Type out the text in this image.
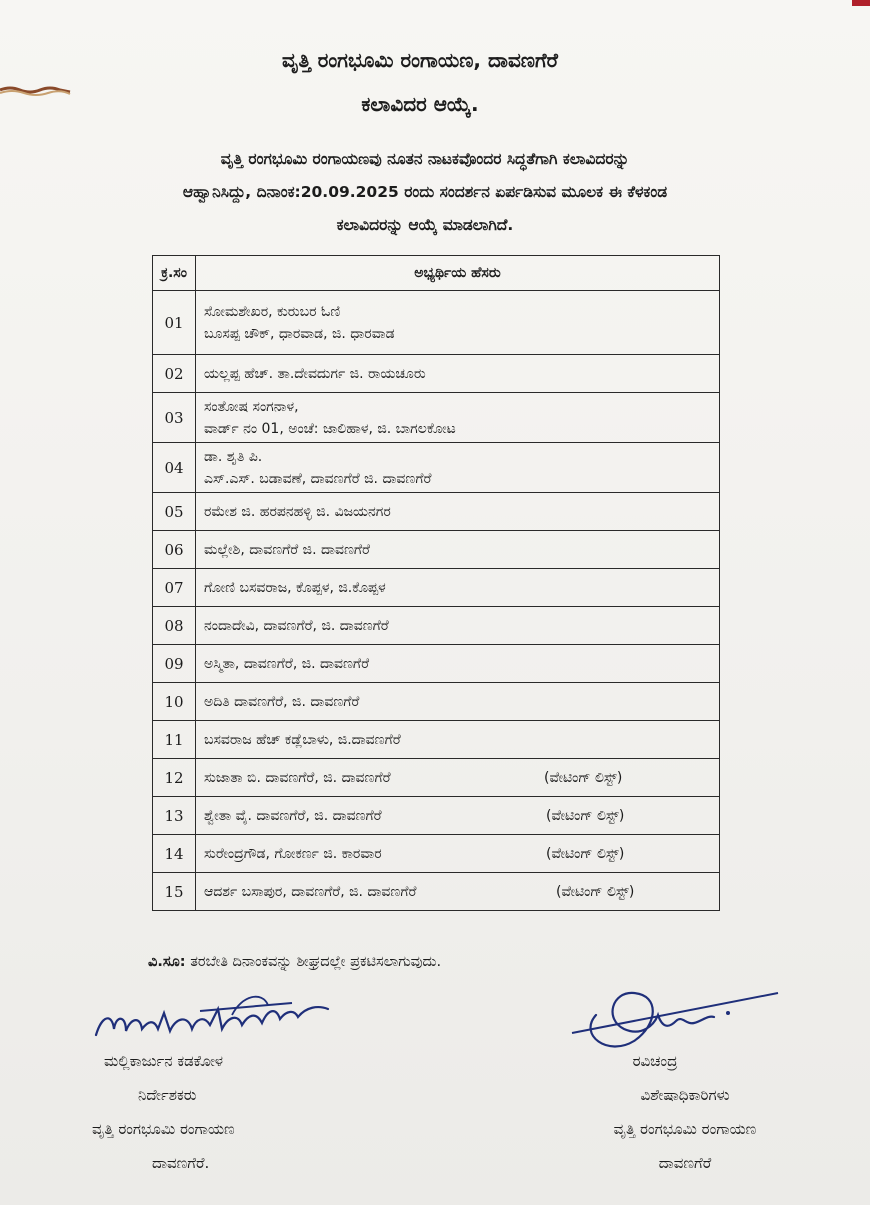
ವೃತ್ತಿ ರಂಗಭೂಮಿ ರಂಗಾಯಣ, ದಾವಣಗೆರೆ
ಕಲಾವಿದರ ಆಯ್ಕೆ.
ವೃತ್ತಿ ರಂಗಭೂಮಿ ರಂಗಾಯಣವು ನೂತನ ನಾಟಕವೊಂದರ ಸಿದ್ಧತೆಗಾಗಿ ಕಲಾವಿದರನ್ನು
ಆಹ್ವಾನಿಸಿದ್ದು, ದಿನಾಂಕ:20.09.2025 ರಂದು ಸಂದರ್ಶನ ಏರ್ಪಡಿಸುವ ಮೂಲಕ ಈ ಕೆಳಕಂಡ
ಕಲಾವಿದರನ್ನು ಆಯ್ಕೆ ಮಾಡಲಾಗಿದೆ.
ಕ್ರ.ಸಂ	ಅಭ್ಯರ್ಥಿಯ ಹೆಸರು
01	ಸೋಮಶೇಖರ, ಕುರುಬರ ಓಣಿ
ಬೂಸಪ್ಪ ಚೌಕ್, ಧಾರವಾಡ, ಜಿ. ಧಾರವಾಡ

02	ಯಲ್ಲಪ್ಪ ಹೆಚ್. ತಾ.ದೇವದುರ್ಗ ಜಿ. ರಾಯಚೂರು

03	ಸಂತೋಷ ಸಂಗನಾಳ,
ವಾರ್ಡ್ ನಂ 01, ಅಂಚೆ: ಜಾಲಿಹಾಳ, ಜಿ. ಬಾಗಲಕೋಟ

04	ಡಾ. ಶೃತಿ ಪಿ.
ಎಸ್.ಎಸ್. ಬಡಾವಣೆ, ದಾವಣಗೆರೆ ಜಿ. ದಾವಣಗೆರೆ

05	ರಮೇಶ ಜಿ. ಹರಪನಹಳ್ಳಿ ಜಿ. ವಿಜಯನಗರ

06	ಮಲ್ಲೇಶಿ, ದಾವಣಗೆರೆ ಜಿ. ದಾವಣಗೆರೆ

07	ಗೋಣಿ ಬಸವರಾಜ, ಕೊಪ್ಪಳ, ಜಿ.ಕೊಪ್ಪಳ

08	ನಂದಾದೇವಿ, ದಾವಣಗೆರೆ, ಜಿ. ದಾವಣಗೆರೆ

09	ಅಸ್ಮಿತಾ, ದಾವಣಗೆರೆ, ಜಿ. ದಾವಣಗೆರೆ

10	ಅದಿತಿ ದಾವಣಗೆರೆ, ಜಿ. ದಾವಣಗೆರೆ

11	ಬಸವರಾಜ ಹೆಚ್ ಕಡ್ಲೆಬಾಳು, ಜಿ.ದಾವಣಗೆರೆ

12	ಸುಜಾತಾ ಬಿ. ದಾವಣಗೆರೆ, ಜಿ. ದಾವಣಗೆರೆ (ವೇಟಿಂಗ್ ಲಿಸ್ಟ್)

13	ಶ್ವೇತಾ ವೈ. ದಾವಣಗೆರೆ, ಜಿ. ದಾವಣಗೆರೆ (ವೇಟಿಂಗ್ ಲಿಸ್ಟ್)

14	ಸುರೇಂದ್ರಗೌಡ, ಗೋಕರ್ಣ ಜಿ. ಕಾರವಾರ (ವೇಟಿಂಗ್ ಲಿಸ್ಟ್)

15	ಆದರ್ಶ ಬಸಾಪುರ, ದಾವಣಗೆರೆ, ಜಿ. ದಾವಣಗೆರೆ (ವೇಟಿಂಗ್ ಲಿಸ್ಟ್)
ವಿ.ಸೂ: ತರಬೇತಿ ದಿನಾಂಕವನ್ನು ಶೀಘ್ರದಲ್ಲೇ ಪ್ರಕಟಿಸಲಾಗುವುದು.
ಮಲ್ಲಿಕಾರ್ಜುನ ಕಡಕೋಳ
ನಿರ್ದೇಶಕರು
ವೃತ್ತಿ ರಂಗಭೂಮಿ ರಂಗಾಯಣ
ದಾವಣಗೆರೆ.
ರವಿಚಂದ್ರ
ವಿಶೇಷಾಧಿಕಾರಿಗಳು
ವೃತ್ತಿ ರಂಗಭೂಮಿ ರಂಗಾಯಣ
ದಾವಣಗೆರೆ
